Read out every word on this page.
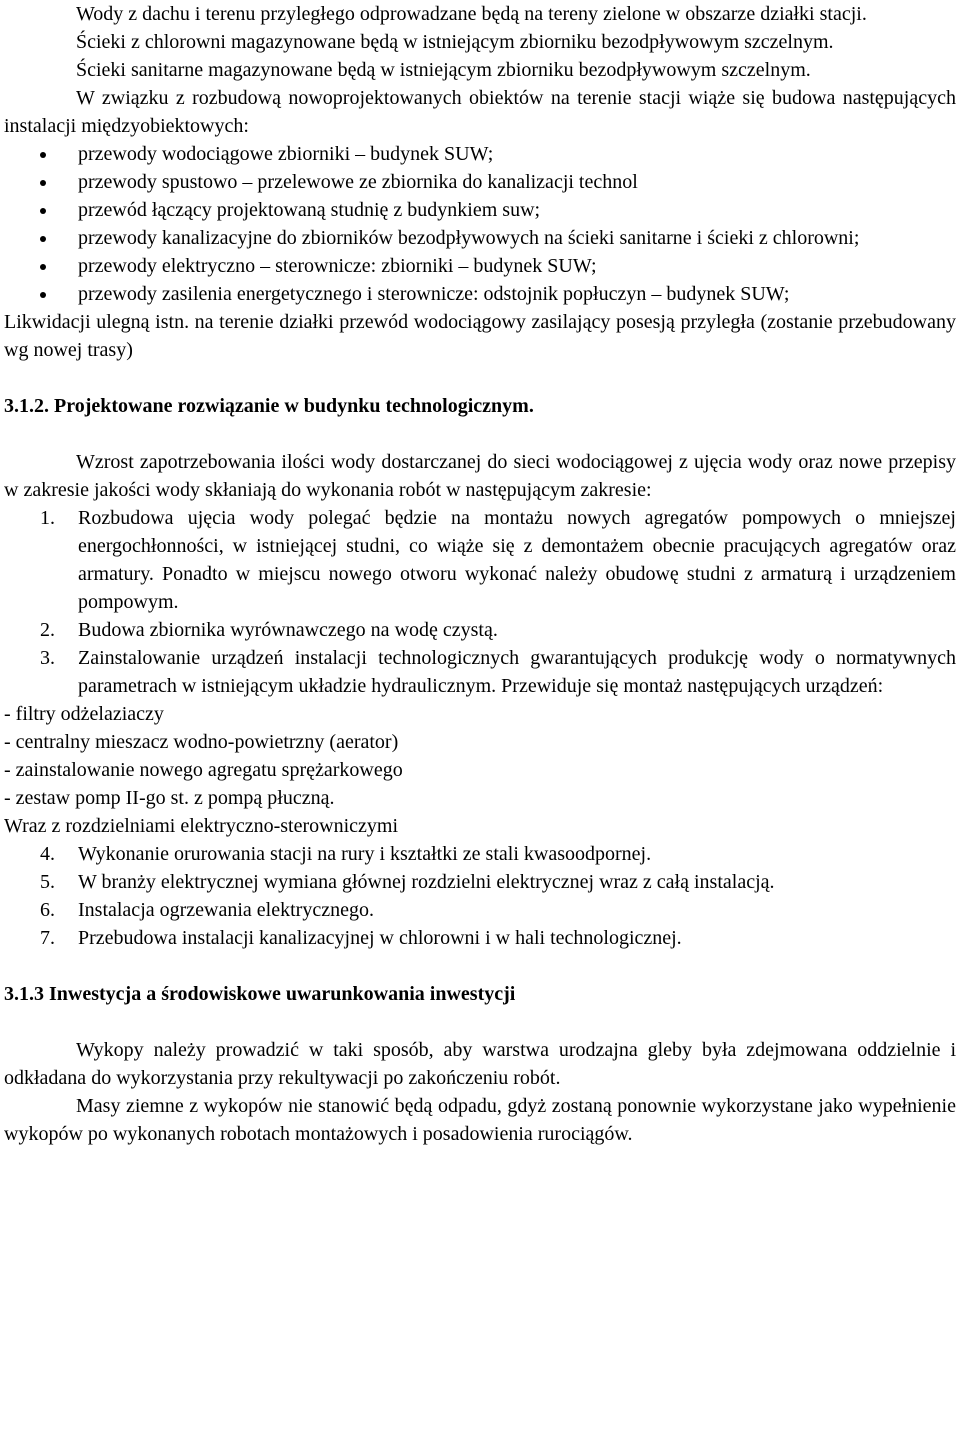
Wody z dachu i terenu przyległego odprowadzane będą na tereny zielone w obszarze działki stacji.

Ścieki z chlorowni magazynowane będą w istniejącym zbiorniku bezodpływowym szczelnym.

Ścieki sanitarne magazynowane będą w istniejącym zbiorniku bezodpływowym szczelnym.

W związku z rozbudową nowoprojektowanych obiektów na terenie stacji wiąże się budowa następujących instalacji międzyobiektowych:

przewody wodociągowe zbiorniki – budynek SUW;
przewody spustowo – przelewowe ze zbiornika do kanalizacji technol
przewód łączący projektowaną studnię z budynkiem suw;
przewody kanalizacyjne do zbiorników bezodpływowych na ścieki sanitarne i ścieki z chlorowni;
przewody elektryczno – sterownicze: zbiorniki – budynek SUW;
przewody zasilenia energetycznego i sterownicze: odstojnik popłuczyn – budynek SUW;

Likwidacji ulegną istn. na terenie działki przewód wodociągowy zasilający posesją przyległa (zostanie przebudowany wg nowej trasy)

3.1.2. Projektowane rozwiązanie w budynku technologicznym.

Wzrost zapotrzebowania ilości wody dostarczanej do sieci wodociągowej z ujęcia wody oraz nowe przepisy w zakresie jakości wody skłaniają do wykonania robót w następującym zakresie:

1. Rozbudowa ujęcia wody polegać będzie na montażu nowych agregatów pompowych o mniejszej energochłonności, w istniejącej studni, co wiąże się z demontażem obecnie pracujących agregatów oraz armatury. Ponadto w miejscu nowego otworu wykonać należy obudowę studni z armaturą i urządzeniem pompowym.
2. Budowa zbiornika wyrównawczego na wodę czystą.
3. Zainstalowanie urządzeń instalacji technologicznych gwarantujących produkcję wody o normatywnych parametrach w istniejącym układzie hydraulicznym. Przewiduje się montaż następujących urządzeń:

- filtry odżelaziaczy

- centralny mieszacz wodno-powietrzny (aerator)

- zainstalowanie nowego agregatu sprężarkowego

- zestaw pomp II-go st. z pompą płuczną.

Wraz z rozdzielniami elektryczno-sterowniczymi

4. Wykonanie orurowania stacji na rury i kształtki ze stali kwasoodpornej.
5. W branży elektrycznej wymiana głównej rozdzielni elektrycznej wraz z całą instalacją.
6. Instalacja ogrzewania elektrycznego.
7. Przebudowa instalacji kanalizacyjnej w chlorowni i w hali technologicznej.
3.1.3 Inwestycja a środowiskowe uwarunkowania inwestycji

Wykopy należy prowadzić w taki sposób, aby warstwa urodzajna gleby była zdejmowana oddzielnie i odkładana do wykorzystania przy rekultywacji po zakończeniu robót.

Masy ziemne z wykopów nie stanowić będą odpadu, gdyż zostaną ponownie wykorzystane jako wypełnienie wykopów po wykonanych robotach montażowych i posadowienia rurociągów.
